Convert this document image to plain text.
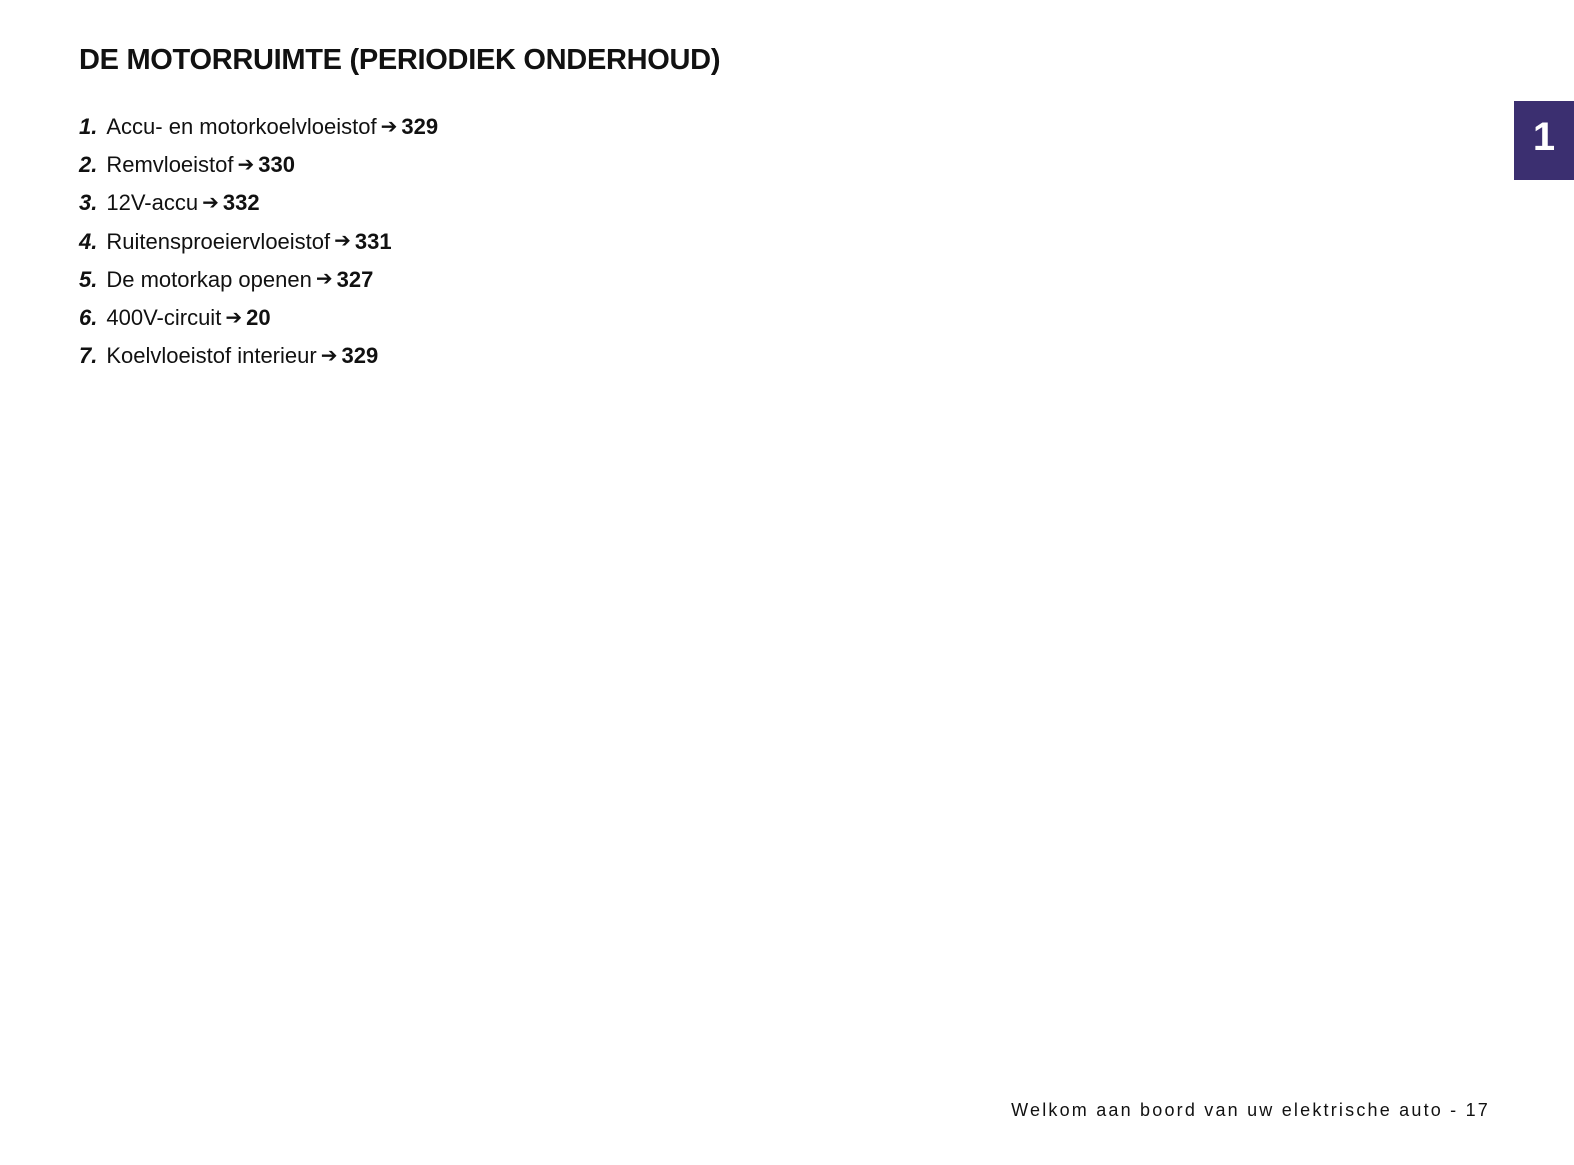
DE MOTORRUIMTE (PERIODIEK ONDERHOUD)
1. Accu- en motorkoelvloeistof ➔ 329
2. Remvloeistof ➔ 330
3. 12V-accu ➔ 332
4. Ruitensproeiervloeistof ➔ 331
5. De motorkap openen ➔ 327
6. 400V-circuit ➔ 20
7. Koelvloeistof interieur ➔ 329
1
Welkom aan boord van uw elektrische auto - 17
